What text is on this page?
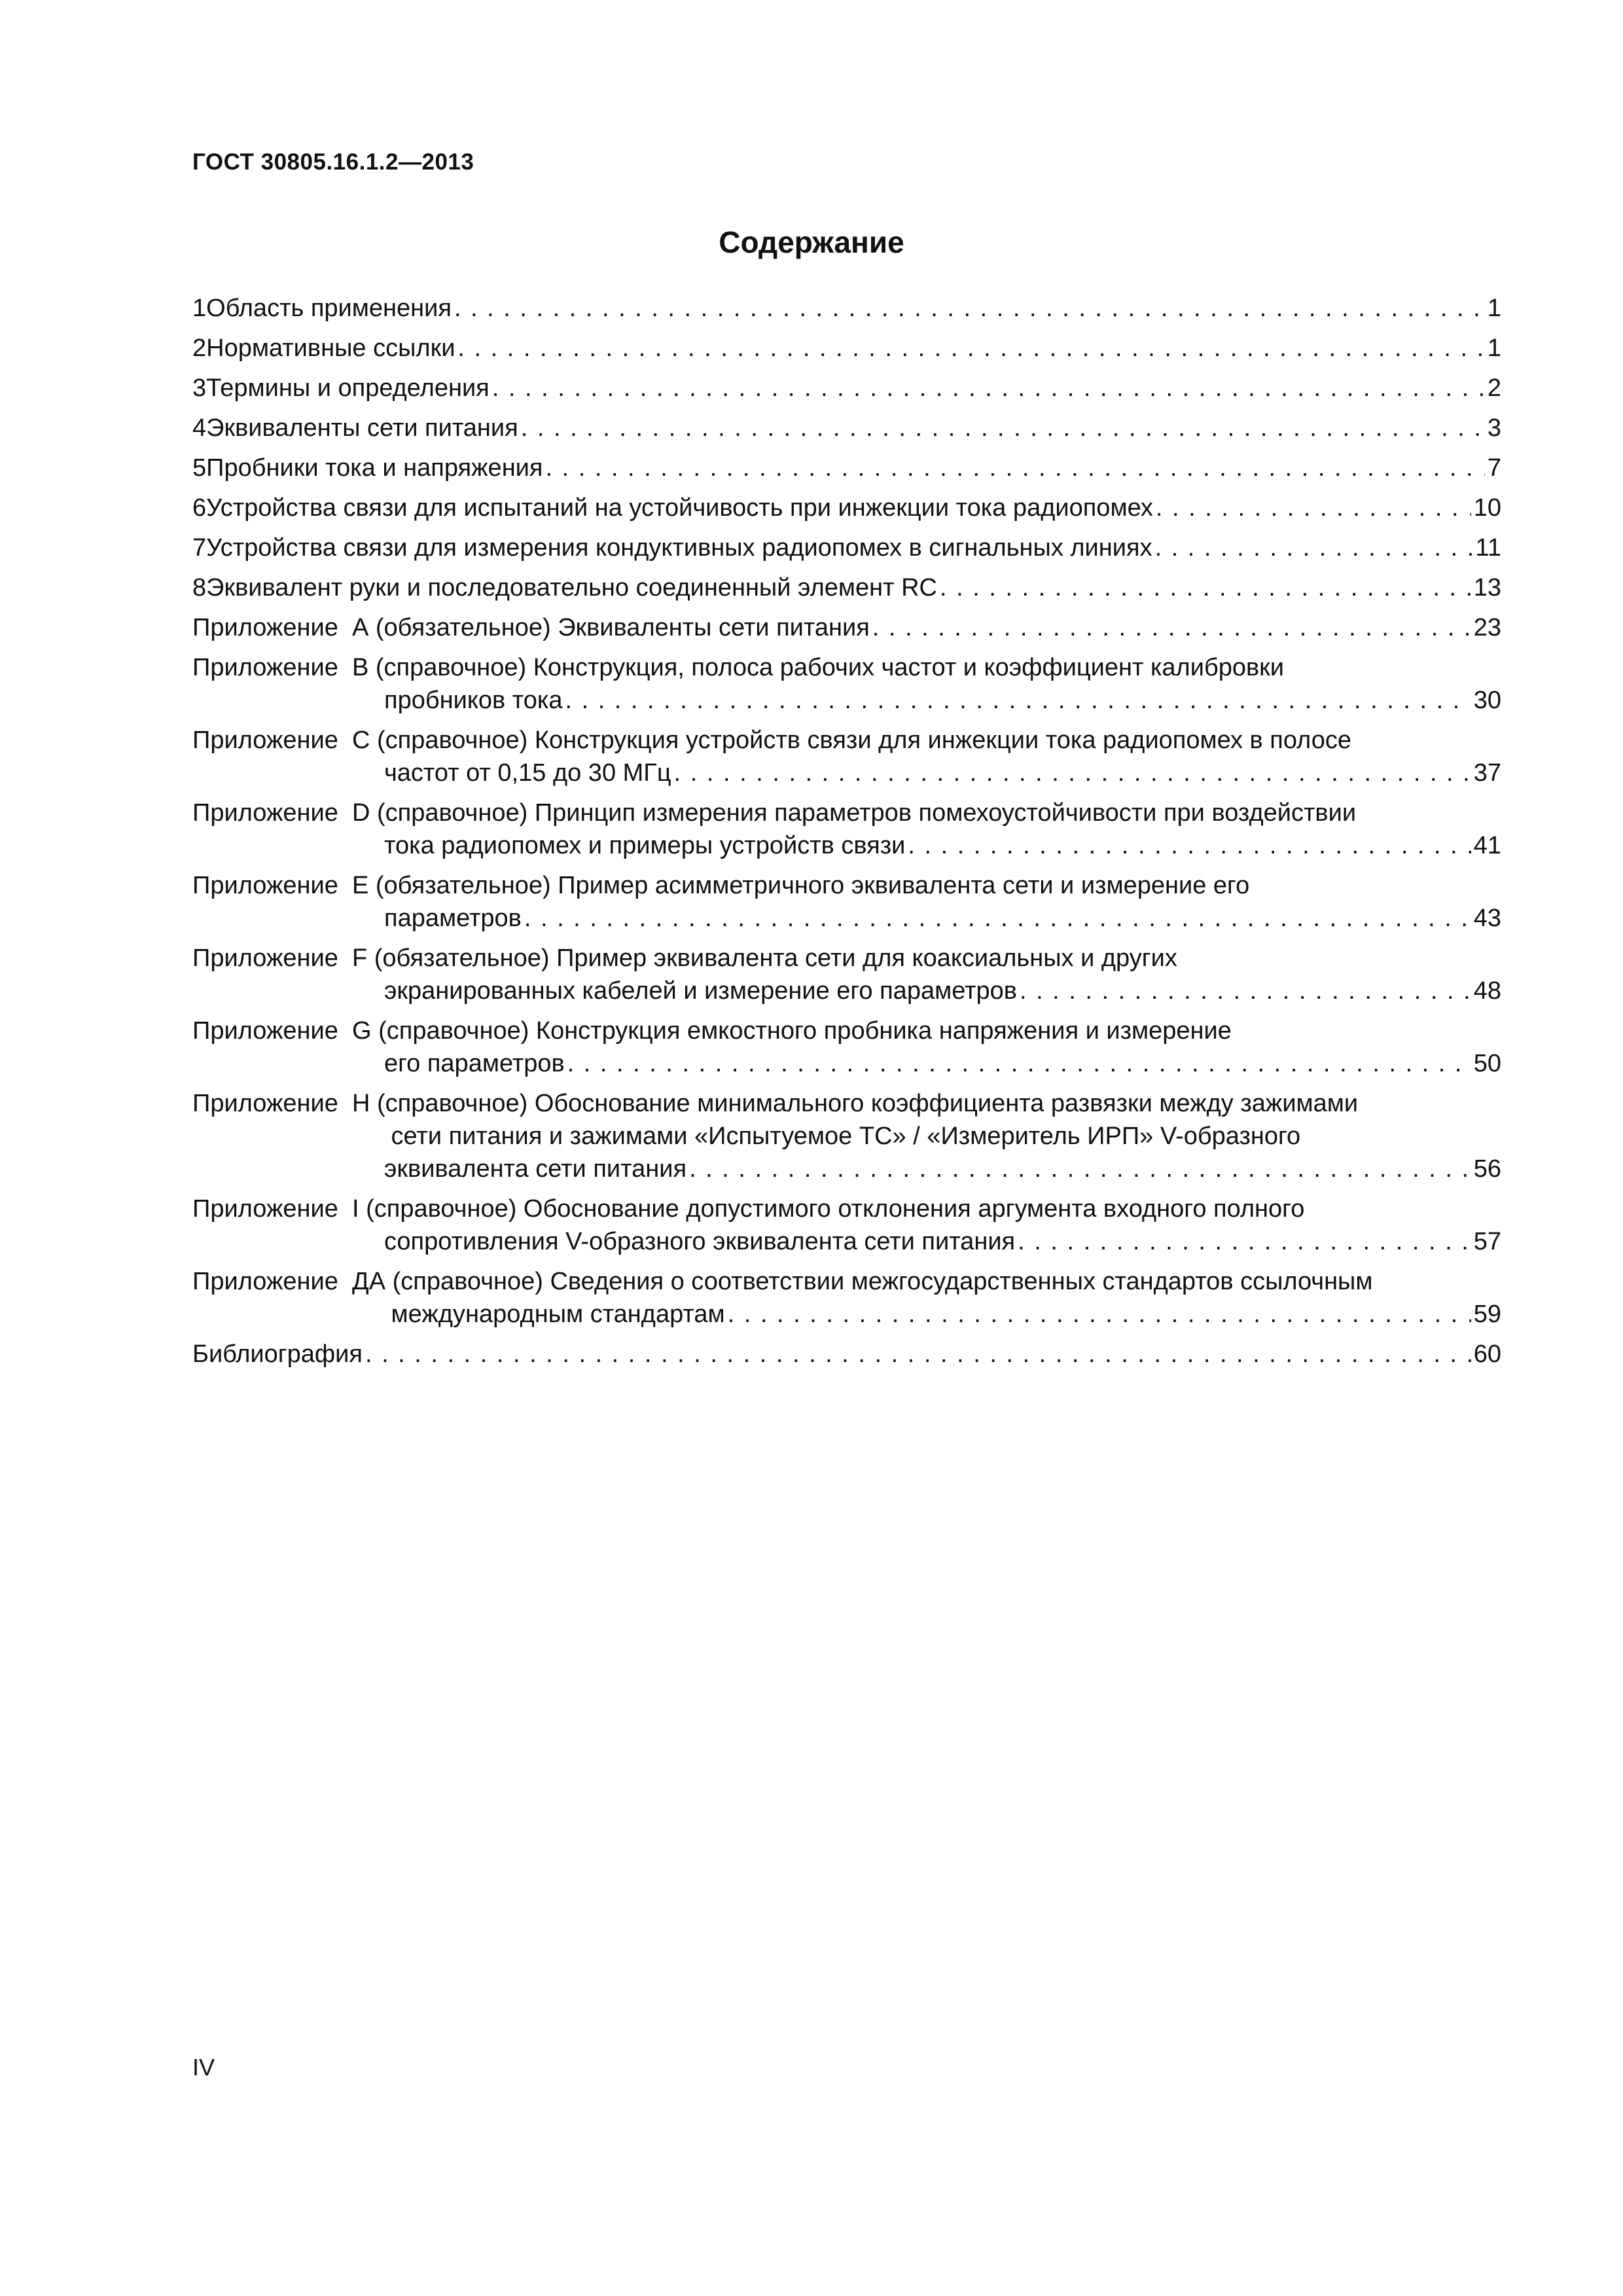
ГОСТ 30805.16.1.2—2013
Содержание
1 Область применения . . .	1
2 Нормативные ссылки . . .	1
3 Термины и определения . . .	2
4 Эквиваленты сети питания . . .	3
5 Пробники тока и напряжения . . .	7
6 Устройства связи для испытаний на устойчивость при инжекции тока радиопомех . . .	10
7 Устройства связи для измерения кондуктивных радиопомех в сигнальных линиях . . .	11
8 Эквивалент руки и последовательно соединенный элемент RC . . .	13
Приложение  А (обязательное) Эквиваленты сети питания . . .	23
Приложение  В (справочное) Конструкция, полоса рабочих частот и коэффициент калибровки
пробников тока . . .	30
Приложение  С (справочное) Конструкция устройств связи для инжекции тока радиопомех в полосе
частот от 0,15 до 30 МГц . . .	37
Приложение  D (справочное) Принцип измерения параметров помехоустойчивости при воздействии
тока радиопомех и примеры устройств связи . . .	41
Приложение  Е (обязательное) Пример асимметричного эквивалента сети и измерение его
параметров . . .	43
Приложение  F (обязательное) Пример эквивалента сети для коаксиальных и других
экранированных кабелей и измерение его параметров . . .	48
Приложение  G (справочное) Конструкция емкостного пробника напряжения и измерение
его параметров . . .	50
Приложение  Н (справочное) Обоснование минимального коэффициента развязки между зажимами
сети питания и зажимами «Испытуемое ТС» / «Измеритель ИРП» V-образного
эквивалента сети питания . . .	56
Приложение  I (справочное) Обоснование допустимого отклонения аргумента входного полного
сопротивления V-образного эквивалента сети питания . . .	57
Приложение  ДА (справочное) Сведения о соответствии межгосударственных стандартов ссылочным
международным стандартам . . .	59
Библиография . . .	60
IV
